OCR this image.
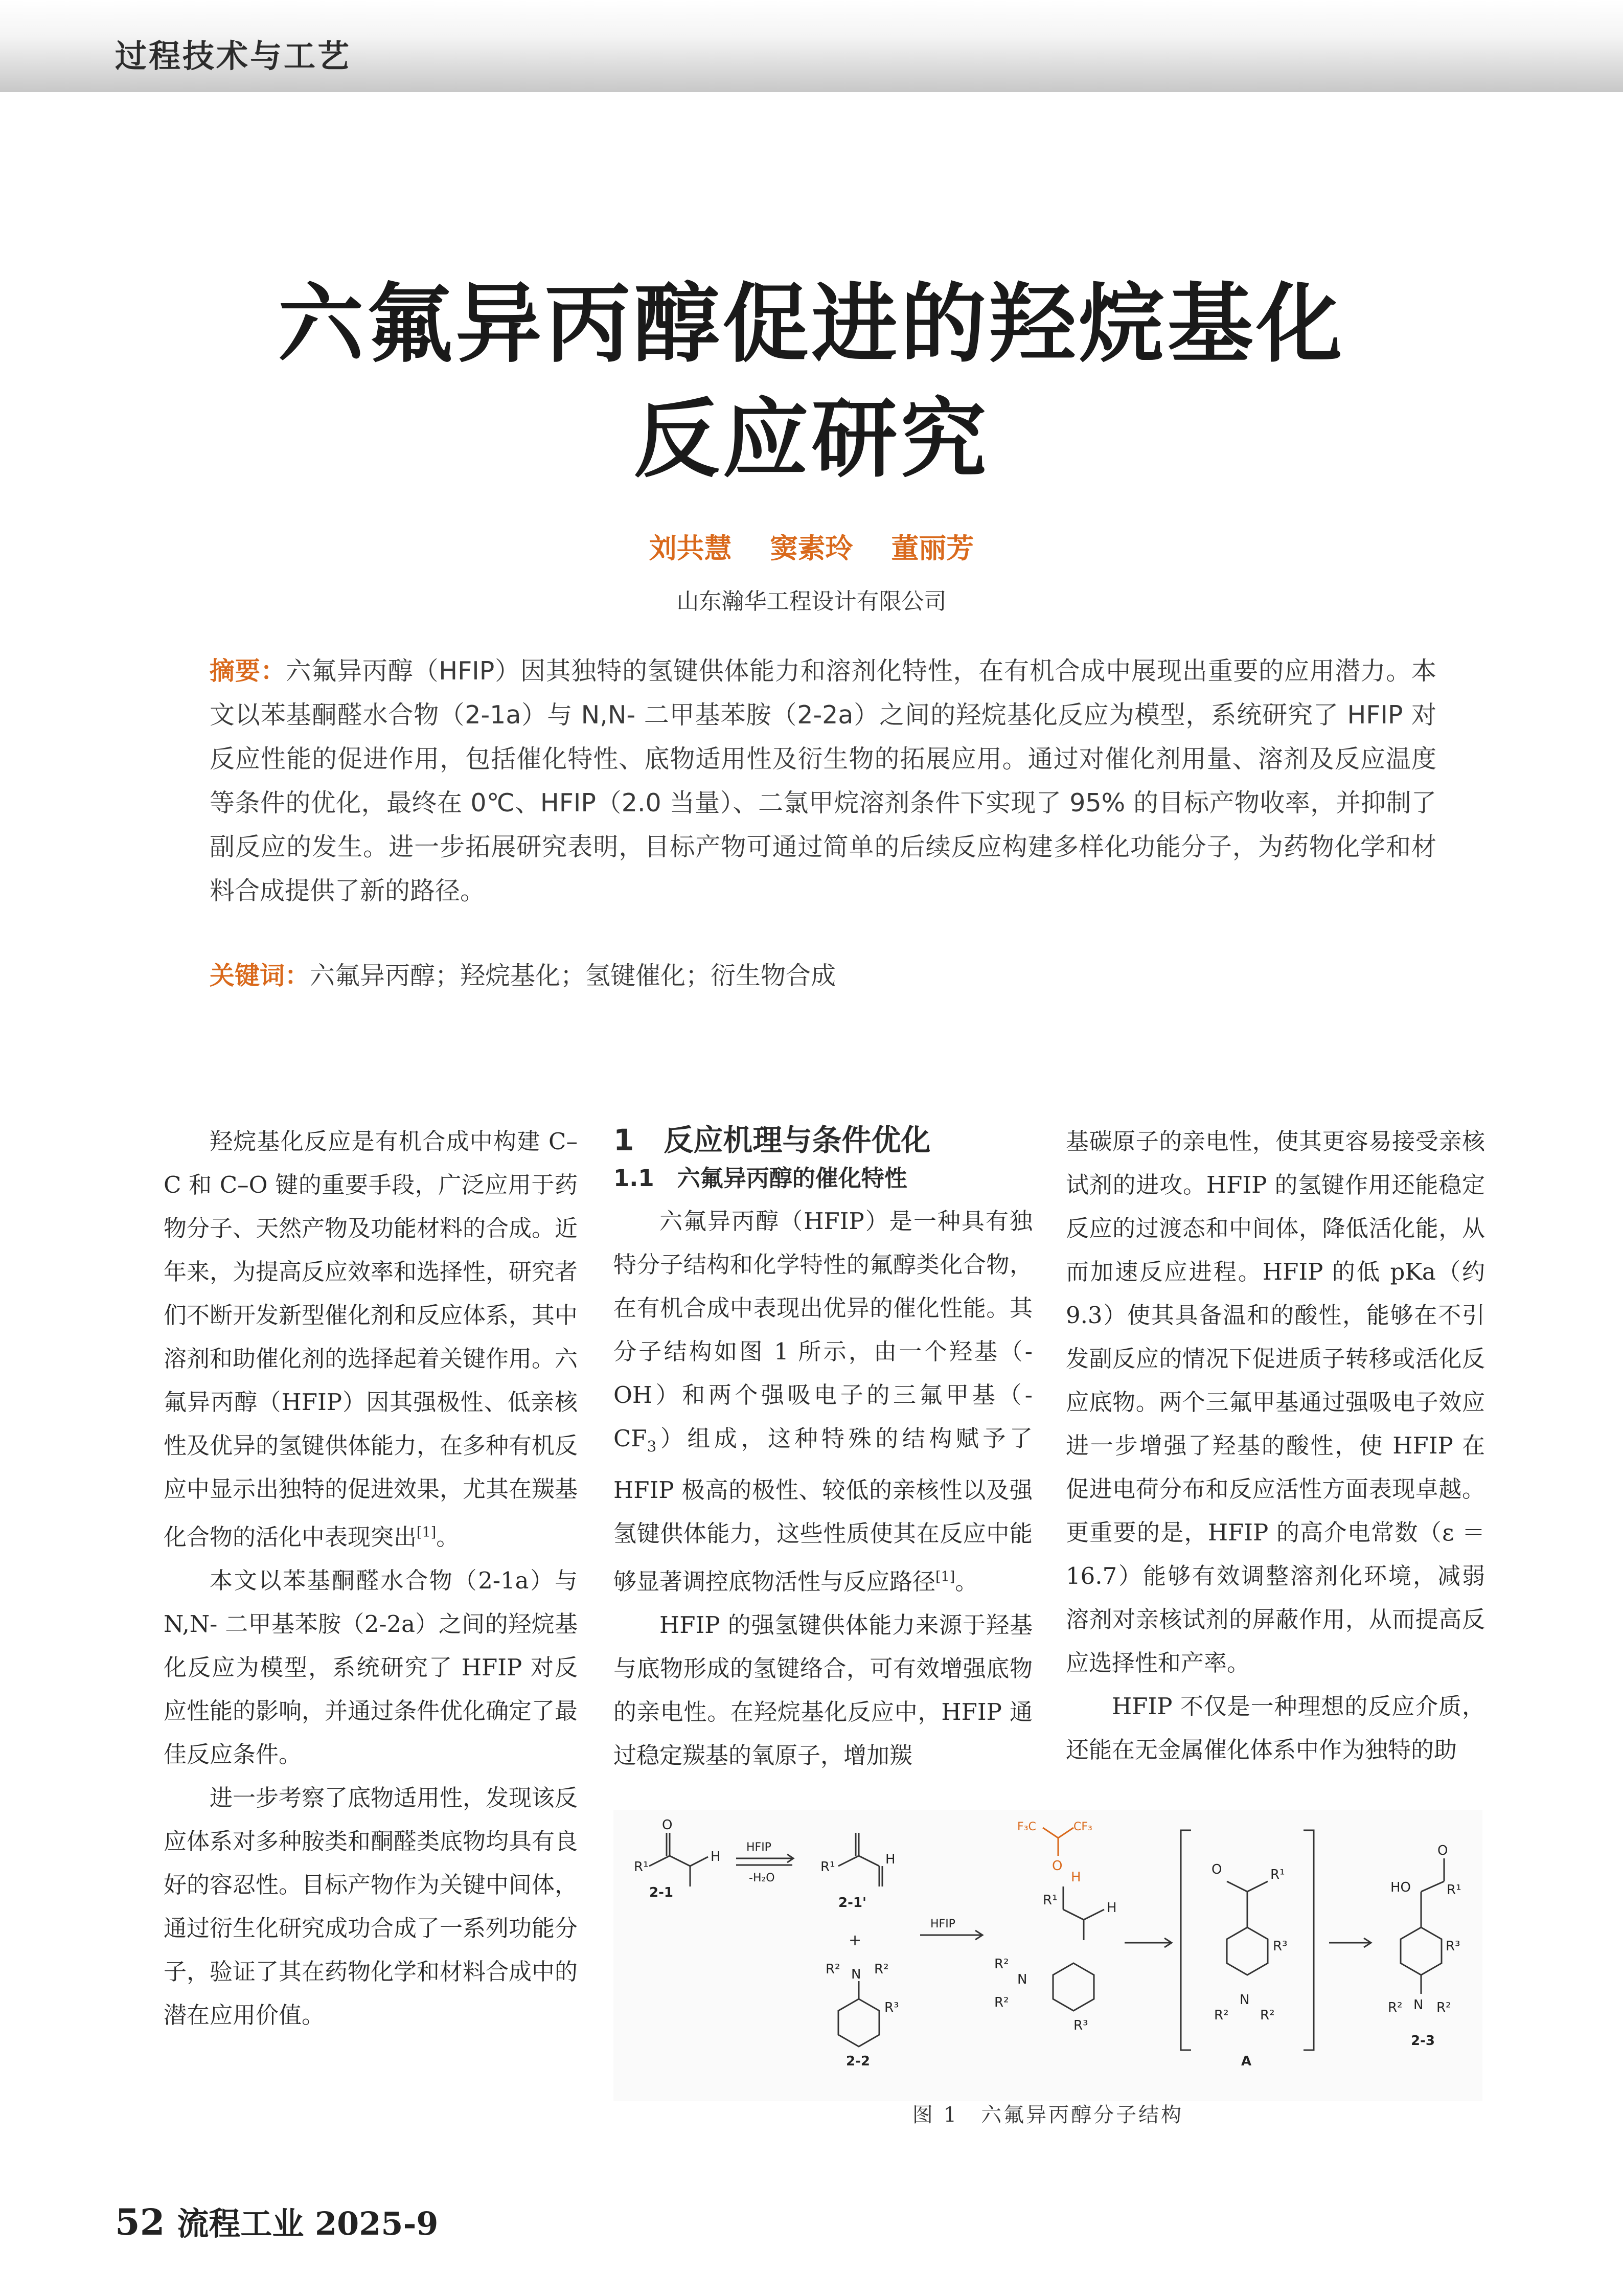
过程技术与工艺
六氟异丙醇促进的羟烷基化
反应研究
刘共慧 窦素玲 董丽芳
山东瀚华工程设计有限公司
摘要：六氟异丙醇（HFIP）因其独特的氢键供体能力和溶剂化特性，在有机合成中展现出重要的应用潜力。本文以苯基酮醛水合物（2-1a）与 N,N- 二甲基苯胺（2-2a）之间的羟烷基化反应为模型，系统研究了 HFIP 对反应性能的促进作用，包括催化特性、底物适用性及衍生物的拓展应用。通过对催化剂用量、溶剂及反应温度等条件的优化，最终在 0℃、HFIP（2.0 当量）、二氯甲烷溶剂条件下实现了 95% 的目标产物收率，并抑制了副反应的发生。进一步拓展研究表明，目标产物可通过简单的后续反应构建多样化功能分子，为药物化学和材料合成提供了新的路径。
关键词：六氟异丙醇；羟烷基化；氢键催化；衍生物合成

羟烷基化反应是有机合成中构建 C–C 和 C–O 键的重要手段，广泛应用于药物分子、天然产物及功能材料的合成。近年来，为提高反应效率和选择性，研究者们不断开发新型催化剂和反应体系，其中溶剂和助催化剂的选择起着关键作用。六氟异丙醇（HFIP）因其强极性、低亲核性及优异的氢键供体能力，在多种有机反应中显示出独特的促进效果，尤其在羰基化合物的活化中表现突出[1]。

本文以苯基酮醛水合物（2-1a）与 N,N- 二甲基苯胺（2-2a）之间的羟烷基化反应为模型，系统研究了 HFIP 对反应性能的影响，并通过条件优化确定了最佳反应条件。

进一步考察了底物适用性，发现该反应体系对多种胺类和酮醛类底物均具有良好的容忍性。目标产物作为关键中间体，通过衍生化研究成功合成了一系列功能分子，验证了其在药物化学和材料合成中的潜在应用价值。

1　反应机理与条件优化
1.1　六氟异丙醇的催化特性

六氟异丙醇（HFIP）是一种具有独特分子结构和化学特性的氟醇类化合物，在有机合成中表现出优异的催化性能。其分子结构如图 1 所示，由一个羟基（-OH）和两个强吸电子的三氟甲基$(-CF_3)$组成，这种特殊的结构赋予了 HFIP 极高的极性、较低的亲核性以及强氢键供体能力，这些性质使其在反应中能够显著调控底物活性与反应路径[1]。

HFIP 的强氢键供体能力来源于羟基与底物形成的氢键络合，可有效增强底物的亲电性。在羟烷基化反应中，HFIP 通过稳定羰基的氧原子，增加羰

基碳原子的亲电性，使其更容易接受亲核试剂的进攻。HFIP 的氢键作用还能稳定反应的过渡态和中间体，降低活化能，从而加速反应进程。HFIP 的低 pKa（约 9.3）使其具备温和的酸性，能够在不引发副反应的情况下促进质子转移或活化反应底物。两个三氟甲基通过强吸电子效应进一步增强了羟基的酸性，使 HFIP 在促进电荷分布和反应活性方面表现卓越。更重要的是，HFIP 的高介电常数（ε ＝ 16.7）能够有效调整溶剂化环境，减弱溶剂对亲核试剂的屏蔽作用，从而提高反应选择性和产率。

HFIP 不仅是一种理想的反应介质，还能在无金属催化体系中作为独特的助

R¹
O
H
2-1
HFIP
-H₂O
R¹	H
2-1'
+
N
R²	R²
R³
2-2
HFIP
F₃C	CF₃
O
H
R¹	H
N
R²
R²
R³
O	R¹
R³
N
R² R²
A
HO
O
R¹
R³
N
R²	R²
2-3
图 1　六氟异丙醇分子结构
52 流程工业 2025-9
